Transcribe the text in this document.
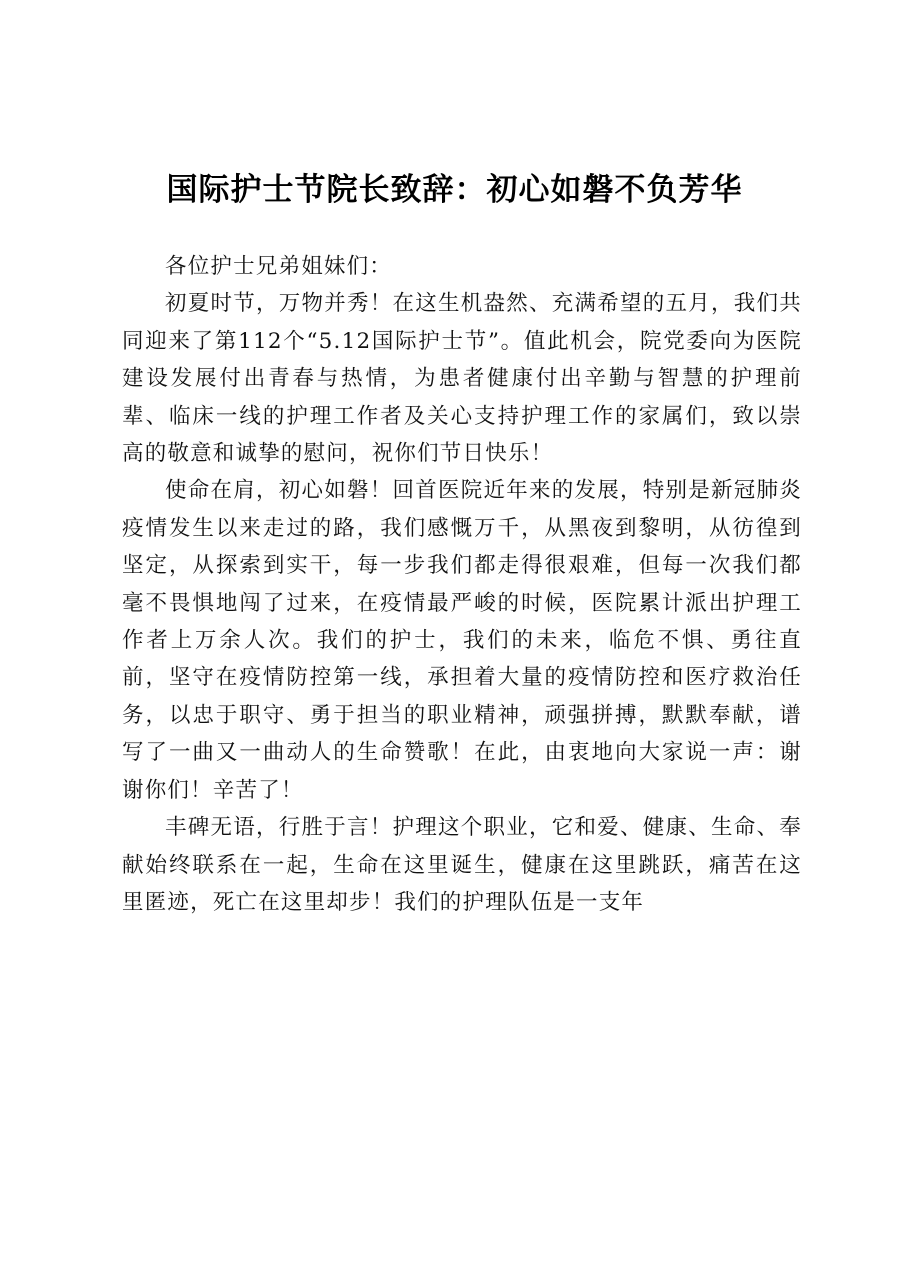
国际护士节院长致辞：初心如磐不负芳华

各位护士兄弟姐妹们：

初夏时节，万物并秀！在这生机盎然、充满希望的五月，我们共同迎来了第112个“5.12国际护士节”。值此机会，院党委向为医院建设发展付出青春与热情，为患者健康付出辛勤与智慧的护理前辈、临床一线的护理工作者及关心支持护理工作的家属们，致以崇高的敬意和诚挚的慰问，祝你们节日快乐！

使命在肩，初心如磐！回首医院近年来的发展，特别是新冠肺炎疫情发生以来走过的路，我们感慨万千，从黑夜到黎明，从彷徨到坚定，从探索到实干，每一步我们都走得很艰难，但每一次我们都毫不畏惧地闯了过来，在疫情最严峻的时候，医院累计派出护理工作者上万余人次。我们的护士，我们的未来，临危不惧、勇往直前，坚守在疫情防控第一线，承担着大量的疫情防控和医疗救治任务，以忠于职守、勇于担当的职业精神，顽强拼搏，默默奉献，谱写了一曲又一曲动人的生命赞歌！在此，由衷地向大家说一声：谢谢你们！辛苦了！

丰碑无语，行胜于言！护理这个职业，它和爱、健康、生命、奉献始终联系在一起，生命在这里诞生，健康在这里跳跃，痛苦在这里匿迹，死亡在这里却步！我们的护理队伍是一支年
